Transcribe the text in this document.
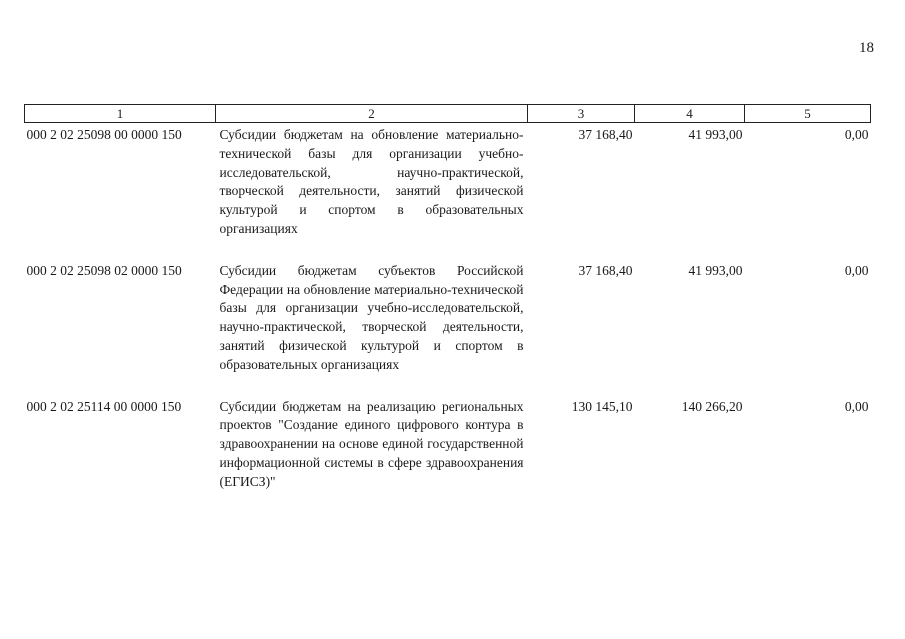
18
1	2	3	4	5
000 2 02 25098 00 0000 150	Субсидии бюджетам на обновление материально-технической базы для организации учебно-исследовательской, научно-практической, творческой деятельности, занятий физической культурой и спортом в образовательных организациях	37 168,40	41 993,00	0,00

000 2 02 25098 02 0000 150	Субсидии бюджетам субъектов Российской Федерации на обновление материально-технической базы для организации учебно-исследовательской, научно-практической, творческой деятельности, занятий физической культурой и спортом в образовательных организациях	37 168,40	41 993,00	0,00

000 2 02 25114 00 0000 150	Субсидии бюджетам на реализацию региональных проектов "Создание единого цифрового контура в здравоохранении на основе единой государственной информационной системы в сфере здравоохранения (ЕГИСЗ)"	130 145,10	140 266,20	0,00
